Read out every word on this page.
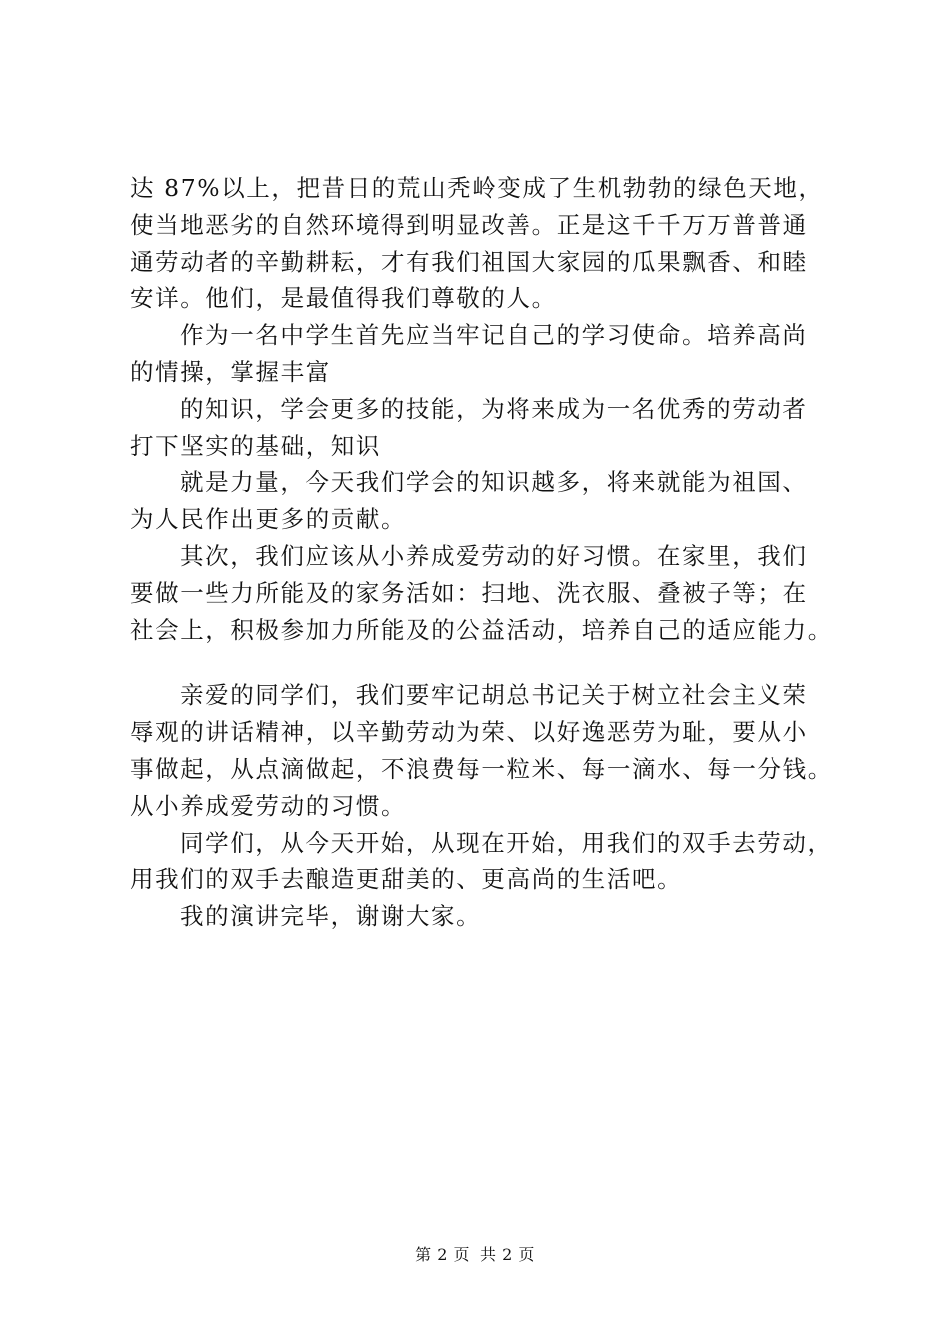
达 87%以上，把昔日的荒山秃岭变成了生机勃勃的绿色天地，
使当地恶劣的自然环境得到明显改善。正是这千千万万普普通
通劳动者的辛勤耕耘，才有我们祖国大家园的瓜果飘香、和睦
安详。他们，是最值得我们尊敬的人。
作为一名中学生首先应当牢记自己的学习使命。培养高尚
的情操，掌握丰富
的知识，学会更多的技能，为将来成为一名优秀的劳动者
打下坚实的基础，知识
就是力量，今天我们学会的知识越多，将来就能为祖国、
为人民作出更多的贡献。
其次，我们应该从小养成爱劳动的好习惯。在家里，我们
要做一些力所能及的家务活如：扫地、洗衣服、叠被子等；在
社会上，积极参加力所能及的公益活动，培养自己的适应能力。
亲爱的同学们，我们要牢记胡总书记关于树立社会主义荣
辱观的讲话精神，以辛勤劳动为荣、以好逸恶劳为耻，要从小
事做起，从点滴做起，不浪费每一粒米、每一滴水、每一分钱。
从小养成爱劳动的习惯。
同学们，从今天开始，从现在开始，用我们的双手去劳动，
用我们的双手去酿造更甜美的、更高尚的生活吧。
我的演讲完毕，谢谢大家。
第 2 页 共 2 页
